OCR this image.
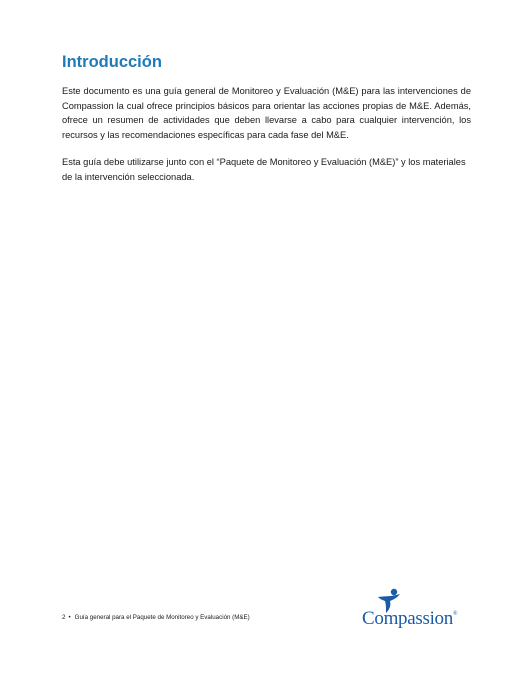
Introducción

Este documento es una guía general de Monitoreo y Evaluación (M&E) para las intervenciones de Compassion la cual ofrece principios básicos para orientar las acciones propias de M&E. Además, ofrece un resumen de actividades que deben llevarse a cabo para cualquier intervención, los recursos y las recomendaciones específicas para cada fase del M&E.

Esta guía debe utilizarse junto con el “Paquete de Monitoreo y Evaluación (M&E)” y los materiales de la intervención seleccionada.

2 • Guía general para el Paquete de Monitoreo y Evaluación (M&E)	Compassion®
